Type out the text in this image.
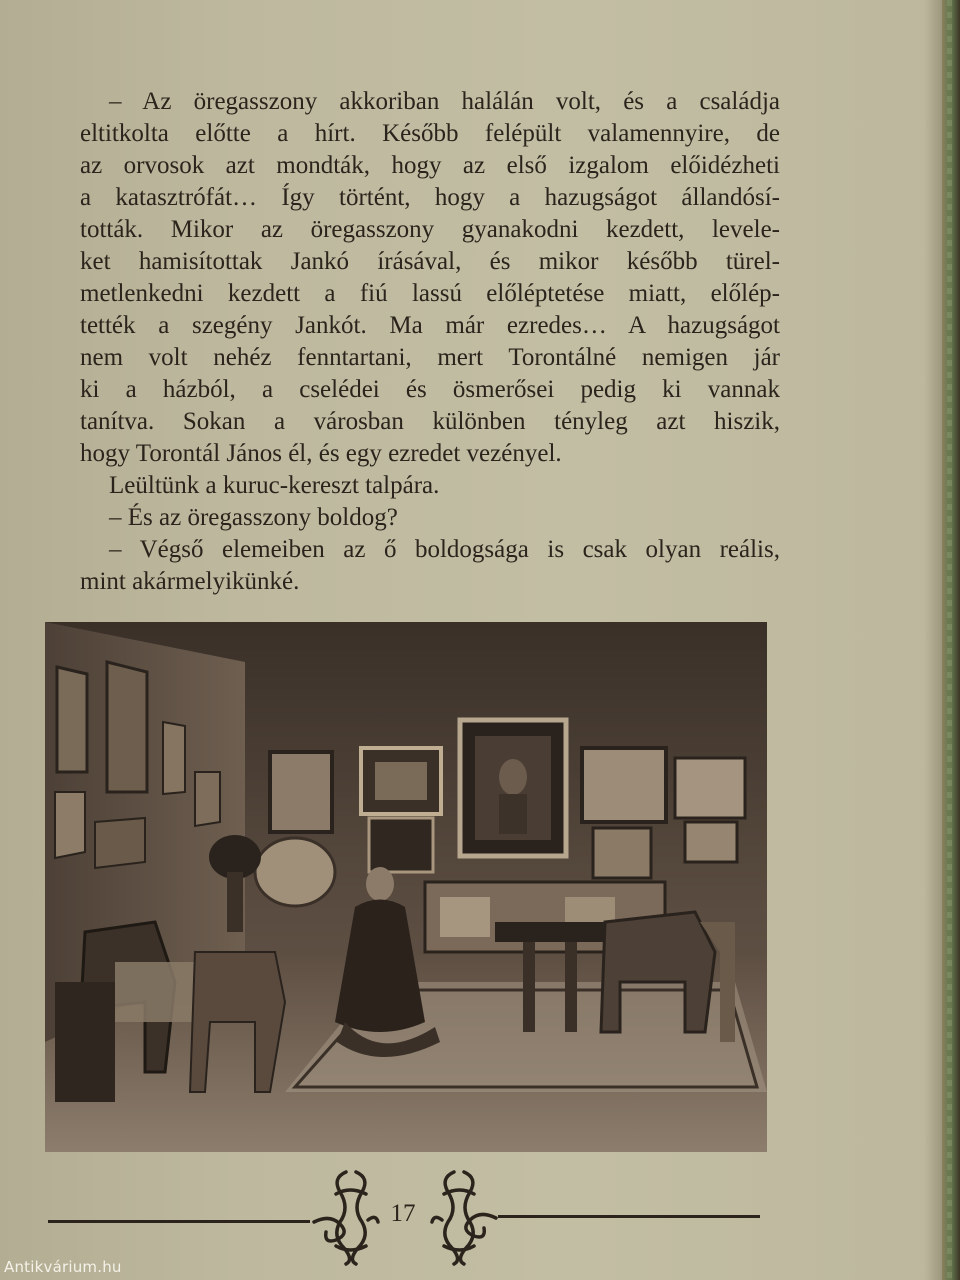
– Az öregasszony akkoriban halálán volt, és a családja
eltitkolta előtte a hírt. Később felépült valamennyire, de
az orvosok azt mondták, hogy az első izgalom előidézheti
a katasztrófát… Így történt, hogy a hazugságot állandósí-
tották. Mikor az öregasszony gyanakodni kezdett, levele-
ket hamisítottak Jankó írásával, és mikor később türel-
metlenkedni kezdett a fiú lassú előléptetése miatt, előlép-
tették a szegény Jankót. Ma már ezredes… A hazugságot
nem volt nehéz fenntartani, mert Torontálné nemigen jár
ki a házból, a cselédei és ösmerősei pedig ki vannak
tanítva. Sokan a városban különben tényleg azt hiszik,
hogy Torontál János él, és egy ezredet vezényel.
Leültünk a kuruc-kereszt talpára.
– És az öregasszony boldog?
– Végső elemeiben az ő boldogsága is csak olyan reális,
mint akármelyikünké.
17
Antikvárium.hu
